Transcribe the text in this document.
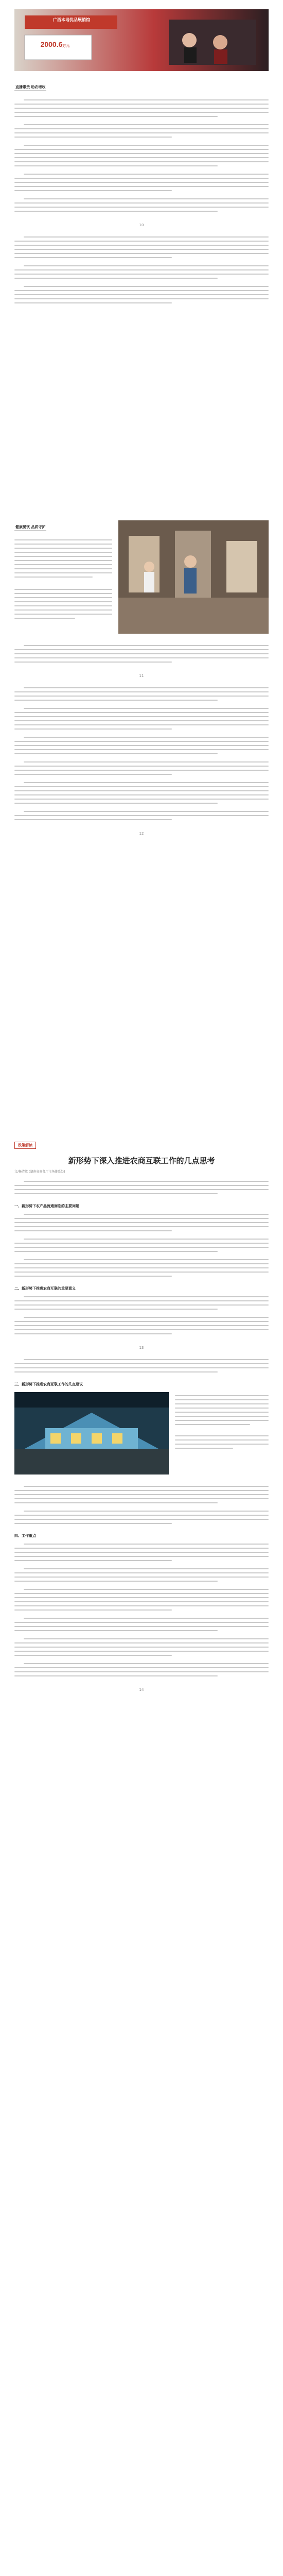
广西本地优品展销馆
2000.6万元
直播带货 助农增收
10
健康餐饮 品质守护
11
12
政策解读
新形势下深入推进农商互联工作的几点思考
文/杨清敏 (湖南省商务厅市场体系处)
一、新形势下农产品流通面临的主要问题
二、新形势下推进农商互联的重要意义
13
三、新形势下推进农商互联工作的几点建议
四、工作重点
14
